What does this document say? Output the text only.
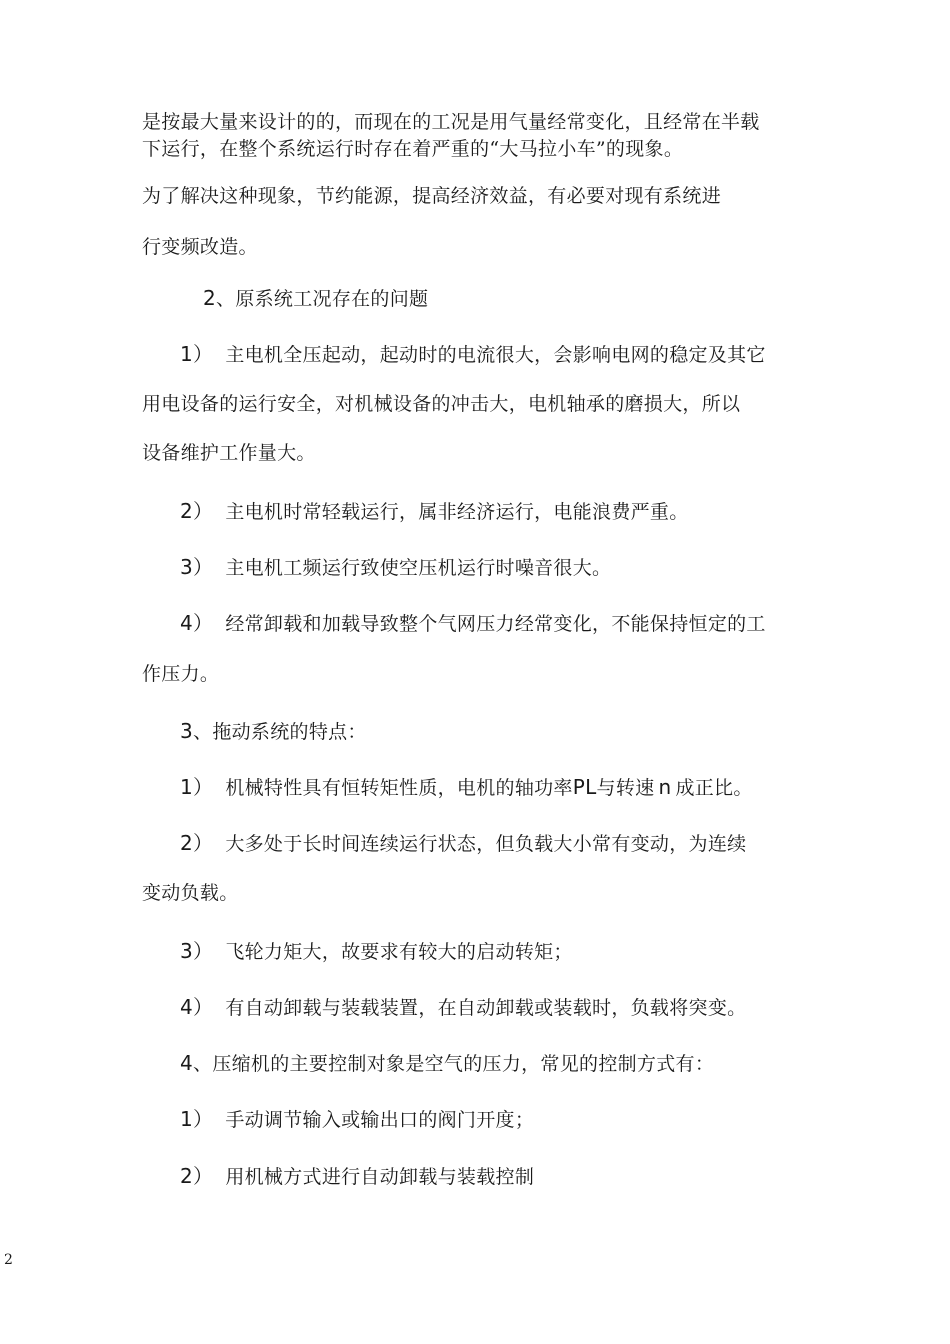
是按最大量来设计的的，而现在的工况是用气量经常变化，且经常在半载
下运行，在整个系统运行时存在着严重的“大马拉小车”的现象。
为了解决这种现象，节约能源，提高经济效益，有必要对现有系统进
行变频改造。
2、原系统工况存在的问题
1） 主电机全压起动，起动时的电流很大，会影响电网的稳定及其它
用电设备的运行安全，对机械设备的冲击大，电机轴承的磨损大，所以
设备维护工作量大。
2） 主电机时常轻载运行，属非经济运行，电能浪费严重。
3） 主电机工频运行致使空压机运行时噪音很大。
4） 经常卸载和加载导致整个气网压力经常变化，不能保持恒定的工
作压力。
3、拖动系统的特点：
1） 机械特性具有恒转矩性质，电机的轴功率PL与转速 n 成正比。
2） 大多处于长时间连续运行状态，但负载大小常有变动，为连续
变动负载。
3） 飞轮力矩大，故要求有较大的启动转矩；
4） 有自动卸载与装载装置，在自动卸载或装载时，负载将突变。
4、压缩机的主要控制对象是空气的压力，常见的控制方式有：
1） 手动调节输入或输出口的阀门开度；
2） 用机械方式进行自动卸载与装载控制
2
